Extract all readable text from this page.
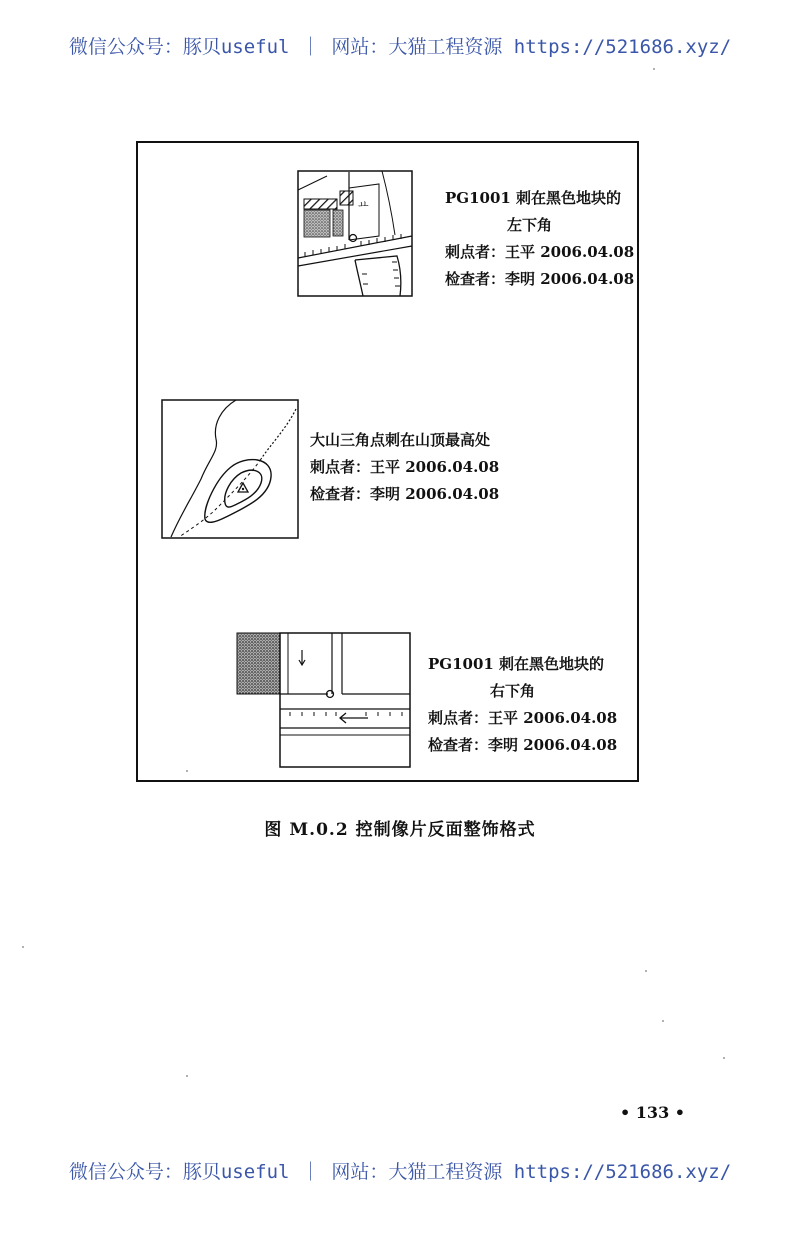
微信公众号：豚贝useful ｜ 网站：大猫工程资源 https://521686.xyz/
ㅛ	PG1001 刺在黑色地块的
左下角
刺点者：王平 2006.04.08
检查者：李明 2006.04.08
大山三角点刺在山顶最高处
刺点者：王平 2006.04.08
检查者：李明 2006.04.08
PG1001 刺在黑色地块的
右下角
刺点者：王平 2006.04.08
检查者：李明 2006.04.08
图 M.0.2 控制像片反面整饰格式
• 133 •
微信公众号：豚贝useful ｜ 网站：大猫工程资源 https://521686.xyz/
